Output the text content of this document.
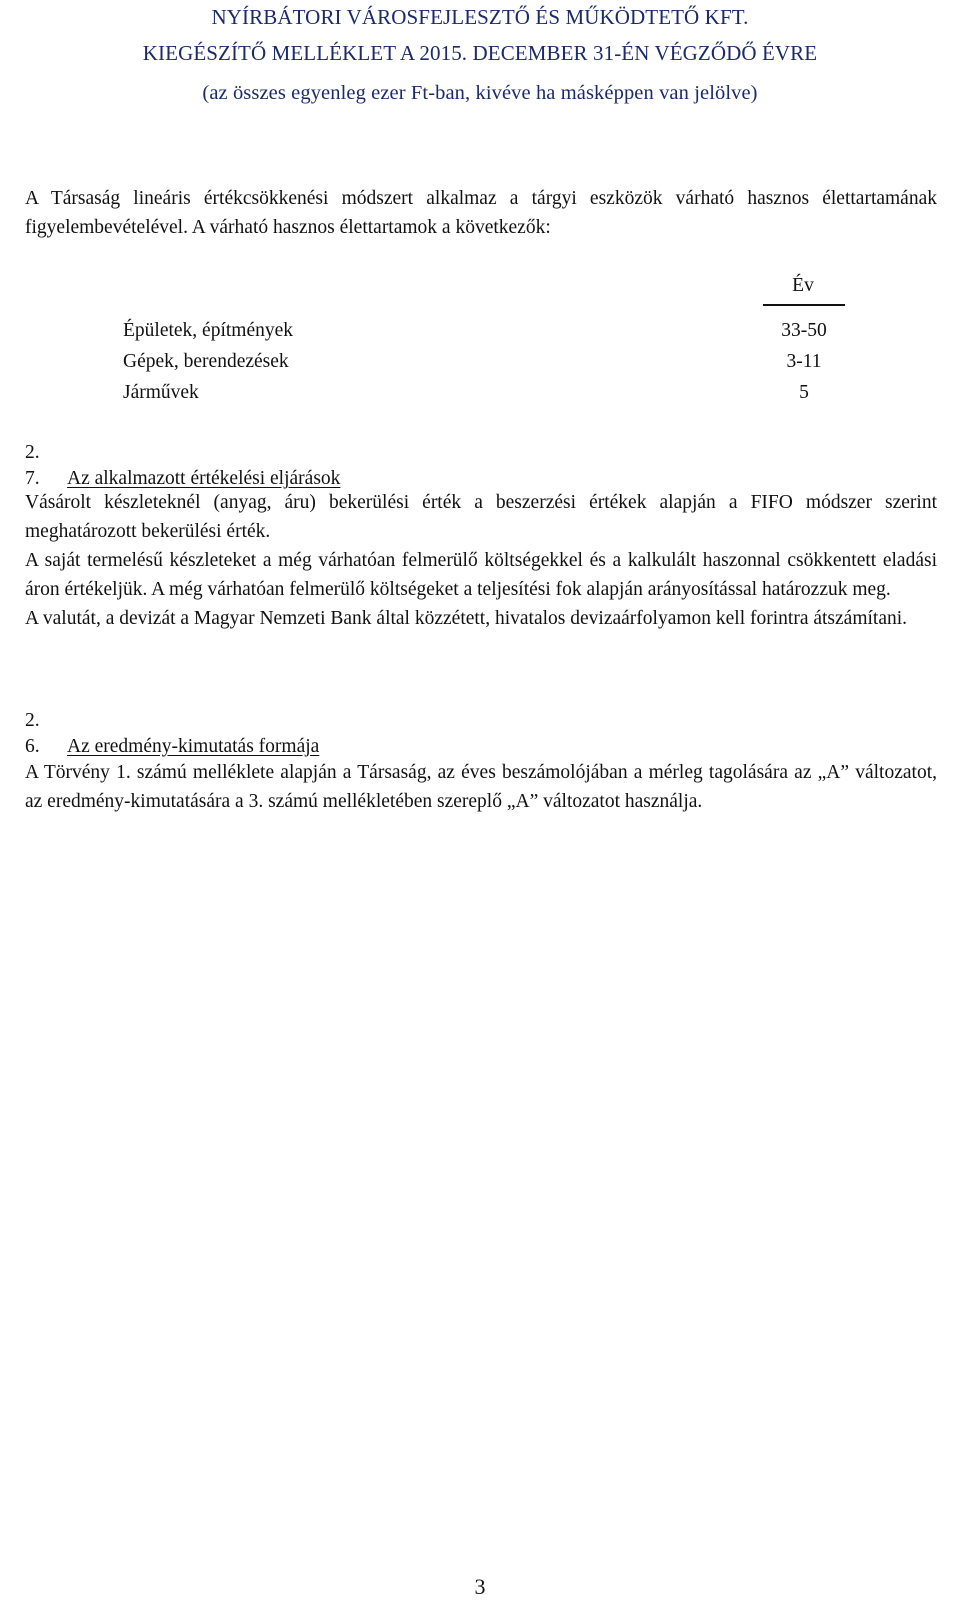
NYÍRBÁTORI VÁROSFEJLESZTŐ ÉS MŰKÖDTETŐ KFT.
KIEGÉSZÍTŐ MELLÉKLET A 2015. DECEMBER 31-ÉN VÉGZŐDŐ ÉVRE
(az összes egyenleg ezer Ft-ban, kivéve ha másképpen van jelölve)

A Társaság lineáris értékcsökkenési módszert alkalmaz a tárgyi eszközök várható hasznos élettartamának figyelembevételével. A várható hasznos élettartamok a következők:

Év
Épületek, építmények	33-50
Gépek, berendezések	3-11
Járművek	5
2. 7. Az alkalmazott értékelési eljárások

Vásárolt készleteknél (anyag, áru) bekerülési érték a beszerzési értékek alapján a FIFO módszer szerint meghatározott bekerülési érték.

A saját termelésű készleteket a még várhatóan felmerülő költségekkel és a kalkulált haszonnal csökkentett eladási áron értékeljük. A még várhatóan felmerülő költségeket a teljesítési fok alapján arányosítással határozzuk meg.

A valutát, a devizát a Magyar Nemzeti Bank által közzétett, hivatalos devizaárfolyamon kell forintra átszámítani.

2. 6. Az eredmény-kimutatás formája

A Törvény 1. számú melléklete alapján a Társaság, az éves beszámolójában a mérleg tagolására az „A” változatot, az eredmény-kimutatására a 3. számú mellékletében szereplő „A” változatot használja.

3
